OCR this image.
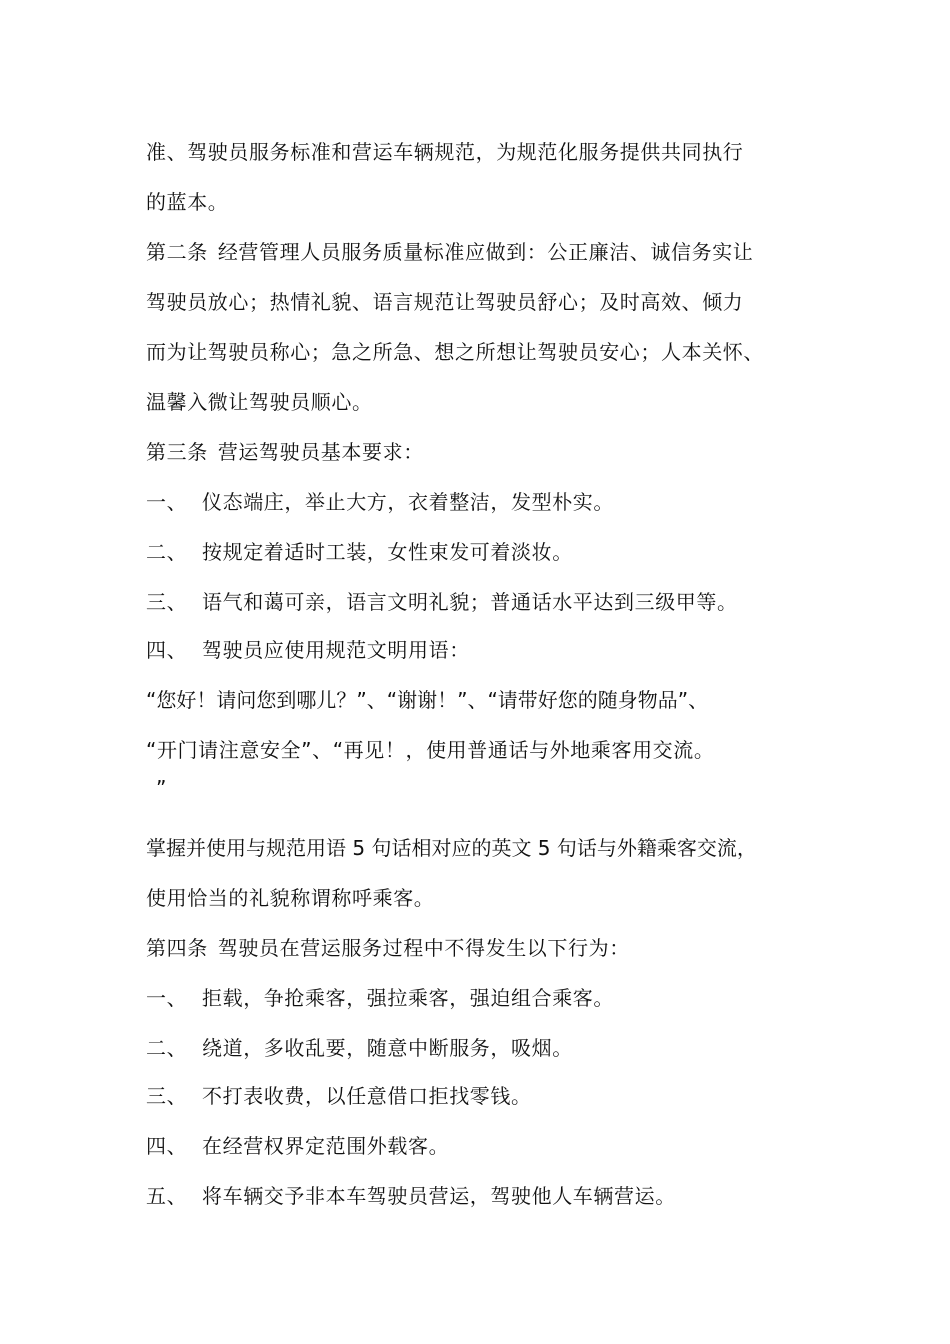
准、驾驶员服务标准和营运车辆规范，为规范化服务提供共同执行
的蓝本。
第二条 经营管理人员服务质量标准应做到：公正廉洁、诚信务实让
驾驶员放心；热情礼貌、语言规范让驾驶员舒心；及时高效、倾力
而为让驾驶员称心；急之所急、想之所想让驾驶员安心；人本关怀、
温馨入微让驾驶员顺心。
第三条 营运驾驶员基本要求：
一、 仪态端庄，举止大方，衣着整洁，发型朴实。
二、 按规定着适时工装，女性束发可着淡妆。
三、 语气和蔼可亲，语言文明礼貌；普通话水平达到三级甲等。
四、 驾驶员应使用规范文明用语：
“您好！请问您到哪儿？”、“谢谢！”、“请带好您的随身物品”、
“开门请注意安全”、“再见！，使用普通话与外地乘客用交流。
”
掌握并使用与规范用语 5 句话相对应的英文 5 句话与外籍乘客交流，
使用恰当的礼貌称谓称呼乘客。
第四条 驾驶员在营运服务过程中不得发生以下行为：
一、 拒载，争抢乘客，强拉乘客，强迫组合乘客。
二、 绕道，多收乱要，随意中断服务，吸烟。
三、 不打表收费，以任意借口拒找零钱。
四、 在经营权界定范围外载客。
五、 将车辆交予非本车驾驶员营运，驾驶他人车辆营运。
